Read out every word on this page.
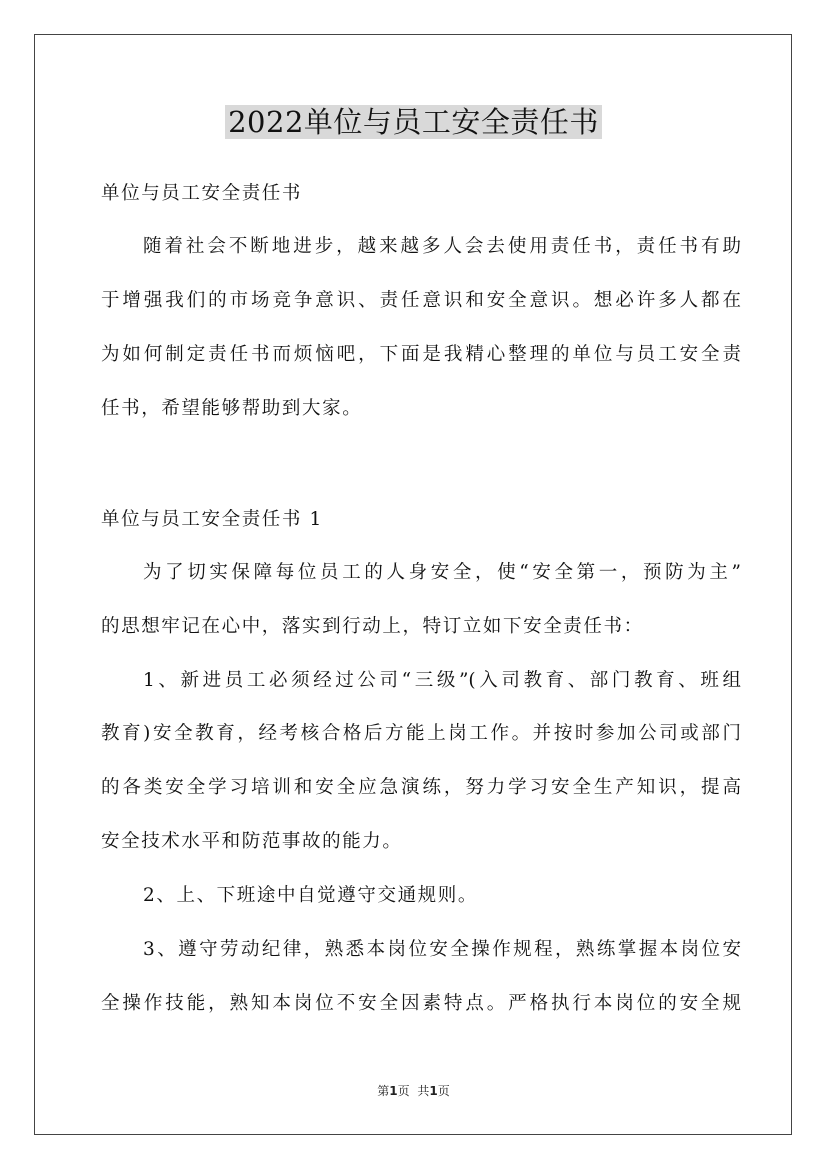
2022单位与员工安全责任书
单位与员工安全责任书
随着社会不断地进步，越来越多人会去使用责任书，责任书有助
于增强我们的市场竞争意识、责任意识和安全意识。想必许多人都在
为如何制定责任书而烦恼吧，下面是我精心整理的单位与员工安全责
任书，希望能够帮助到大家。
单位与员工安全责任书 1
为了切实保障每位员工的人身安全，使“安全第一，预防为主”
的思想牢记在心中，落实到行动上，特订立如下安全责任书：
1、新进员工必须经过公司“三级”(入司教育、部门教育、班组
教育)安全教育，经考核合格后方能上岗工作。并按时参加公司或部门
的各类安全学习培训和安全应急演练，努力学习安全生产知识，提高
安全技术水平和防范事故的能力。
2、上、下班途中自觉遵守交通规则。
3、遵守劳动纪律，熟悉本岗位安全操作规程，熟练掌握本岗位安
全操作技能，熟知本岗位不安全因素特点。严格执行本岗位的安全规
第1页 共1页
